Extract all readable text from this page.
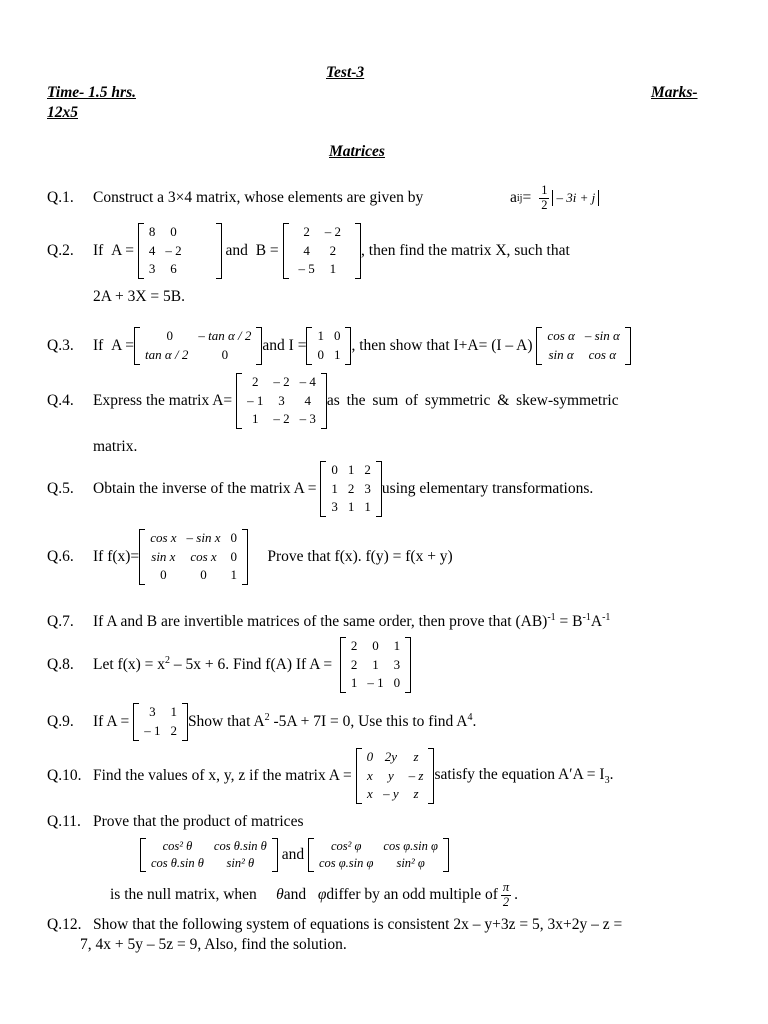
Test-3
Time- 1.5 hrs.	Marks-
12x5
Matrices
Q.1. Construct a 3×4 matrix, whose elements are given by	a ij = $\frac{1}{2} - 3i + j$
Q.2. If
A =

8	0
4	– 2
3	6

and
B =

2	– 2
4	2
– 5	1
, then find the matrix X, such that
2A + 3X = 5B.
Q.3. If
A =
0	– tan α / 2
tan α / 2	0
and I =
1	0
0	1
, then show that I+A= (I – A)

cos α	– sin α
sin α	cos α
Q.4. Express the matrix A=

2	– 2	– 4
– 1	3	4
1	– 2	– 3
as the sum of symmetric & skew-symmetric
matrix.
Q.5. Obtain the inverse of the matrix A =

0	1	2
1	2	3
3	1	1
using elementary transformations.
Q.6. If f(x)=
cos x	– sin x	0
sin x	cos x	0
0	0	1

Prove that f(x). f(y) = f(x + y)
Q.7. If A and B are invertible matrices of the same order, then prove that $(AB)^{-1} = B^{-1}A^{-1}$
Q.8. Let $f(x) = x^2 - 5x + 6$. Find f(A) If A =

2	0	1
2	1	3
1	– 1	0
Q.9. If A =

3	1
– 1	2 Show that $A^2$ -5A + 7I = 0, Use this to find $A^4$.
Q.10. Find the values of x, y, z if the matrix A =

0	2y	z
x	y	– z
x	– y	z
satisfy the equation $A'A = I_3$.
Q.11. Prove that the product of matrices
cos² θ	cos θ.sin θ
cos θ.sin θ	sin² θ
and
cos² φ	cos φ.sin φ
cos φ.sin φ	sin² φ
is the null matrix, when
θ and
φ differ by an odd multiple of $\frac{\pi}{2}$ .
Q.12. Show that the following system of equations is consistent 2x – y+3z = 5, 3x+2y – z =
7, 4x + 5y – 5z = 9, Also, find the solution.
